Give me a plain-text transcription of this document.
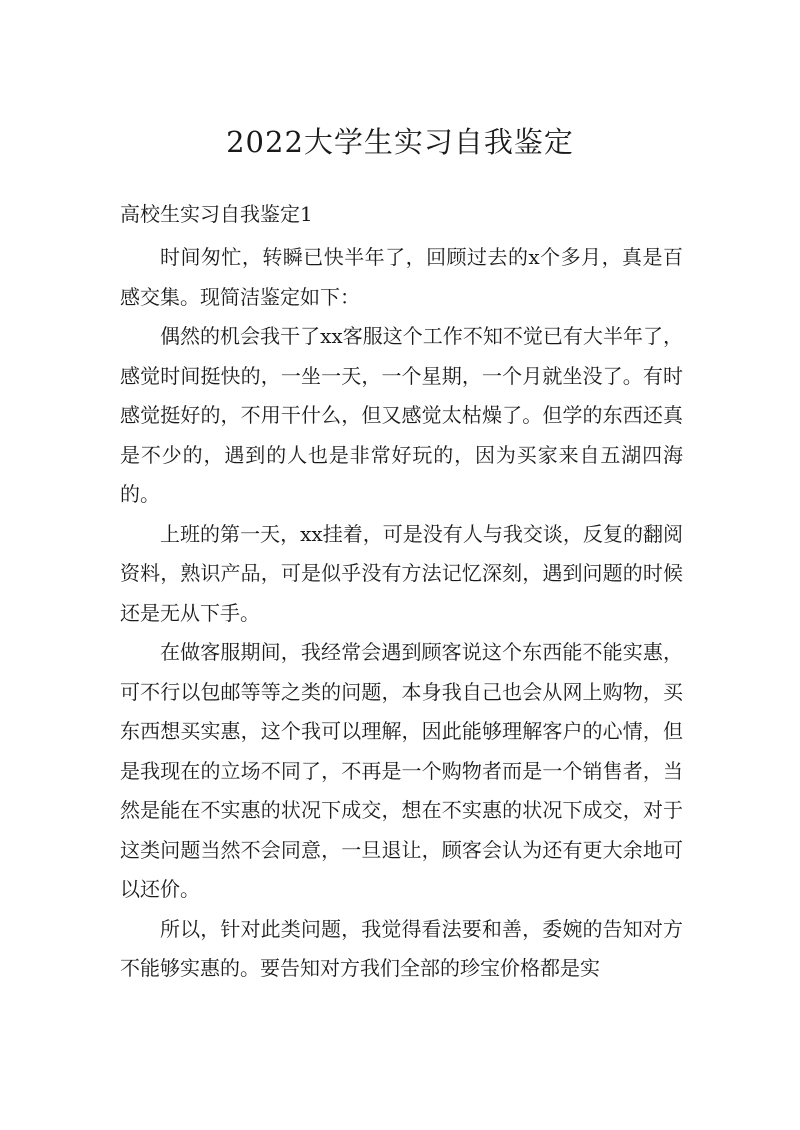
2022大学生实习自我鉴定
高校生实习自我鉴定1

时间匆忙，转瞬已快半年了，回顾过去的x个多月，真是百感交集。现简洁鉴定如下：

偶然的机会我干了xx客服这个工作不知不觉已有大半年了，感觉时间挺快的，一坐一天，一个星期，一个月就坐没了。有时感觉挺好的，不用干什么，但又感觉太枯燥了。但学的东西还真是不少的，遇到的人也是非常好玩的，因为买家来自五湖四海的。

上班的第一天，xx挂着，可是没有人与我交谈，反复的翻阅资料，熟识产品，可是似乎没有方法记忆深刻，遇到问题的时候还是无从下手。

在做客服期间，我经常会遇到顾客说这个东西能不能实惠，可不行以包邮等等之类的问题，本身我自己也会从网上购物，买东西想买实惠，这个我可以理解，因此能够理解客户的心情，但是我现在的立场不同了，不再是一个购物者而是一个销售者，当然是能在不实惠的状况下成交，想在不实惠的状况下成交，对于这类问题当然不会同意，一旦退让，顾客会认为还有更大余地可以还价。

所以，针对此类问题，我觉得看法要和善，委婉的告知对方不能够实惠的。要告知对方我们全部的珍宝价格都是实
